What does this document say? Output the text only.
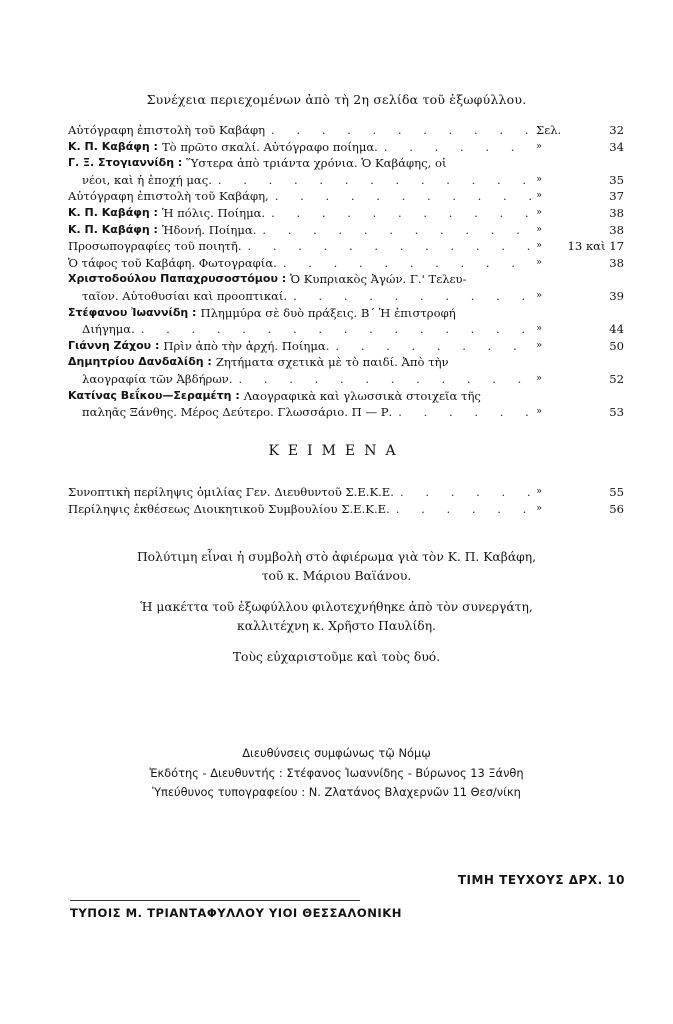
Συνέχεια περιεχομένων ἀπὸ τὴ 2η σελίδα τοῦ ἐξωφύλλου.
Αὐτόγραφη ἐπιστολὴ τοῦ Καβάφη . . .	Σελ.	32
Κ. Π. Καβάφη : Τὸ πρῶτο σκαλί. Αὐτόγραφο ποίημα. . . .	»	34
Γ. Ξ. Στογιαννίδη : Ὕστερα ἀπὸ τριάντα χρόνια. Ὁ Καβάφης, οἱ
νέοι, καὶ ἡ ἐποχή μας. . . .	»	35
Αὐτόγραφη ἐπιστολὴ τοῦ Καβάφη, . . .	»	37
Κ. Π. Καβάφη : Ἡ πόλις. Ποίημα. . . .	»	38
Κ. Π. Καβάφη : Ἡδονή. Ποίημα. . . .	»	38
Προσωπογραφίες τοῦ ποιητῆ. . . .	»	13 καὶ 17
Ὁ τάφος τοῦ Καβάφη. Φωτογραφία. . . .	»	38
Χριστοδούλου Παπαχρυσοστόμου : Ὁ Κυπριακὸς Ἀγών. Γ.' Τελευ-
ταῖον. Αὐτοθυσίαι καὶ προοπτικαί. . . .	»	39
Στέφανου Ἰωαννίδη : Πλημμύρα σὲ δυὸ πράξεις. Β΄ Ἡ ἐπιστροφή
Διήγημα. . . .	»	44
Γιάννη Ζάχου : Πρὶν ἀπὸ τὴν ἀρχή. Ποίημα. . . .	»	50
Δημητρίου Δανδαλίδη : Ζητήματα σχετικὰ μὲ τὸ παιδί. Ἀπὸ τὴν
λαογραφία τῶν Ἀβδήρων. . . .	»	52
Κατίνας Βεΐκου—Σεραμέτη : Λαογραφικὰ καὶ γλωσσικὰ στοιχεῖα τῆς
παληᾶς Ξάνθης. Μέρος Δεύτερο. Γλωσσάριο. Π — Ρ. . . .	»	53
ΚΕΙΜΕΝΑ
Συνοπτικὴ περίληψις ὁμιλίας Γεν. Διευθυντοῦ Σ.Ε.Κ.Ε. . . .	»	55
Περίληψις ἐκθέσεως Διοικητικοῦ Συμβουλίου Σ.Ε.Κ.Ε. . . .	»	56
Πολύτιμη εἶναι ἡ συμβολὴ στὸ ἀφιέρωμα γιὰ τὸν Κ. Π. Καβάφη,
τοῦ κ. Μάριου Βαϊάνου.
Ἡ μακέττα τοῦ ἐξωφύλλου φιλοτεχνήθηκε ἀπὸ τὸν συνεργάτη,
καλλιτέχνη κ. Χρῆστο Παυλίδη.
Τοὺς εὐχαριστοῦμε καὶ τοὺς δυό.
Διευθύνσεις συμφώνως τῷ Νόμῳ
Ἐκδότης - Διευθυντής : Στέφανος Ἰωαννίδης - Βύρωνος 13 Ξάνθη
Ὑπεύθυνος τυπογραφείου : Ν. Ζλατάνος Βλαχερνῶν 11 Θεσ/νίκη
ΤΙΜΗ ΤΕΥΧΟΥΣ ΔΡΧ. 10
ΤΥΠΟΙΣ Μ. ΤΡΙΑΝΤΑΦΥΛΛΟΥ ΥΙΟΙ ΘΕΣΣΑΛΟΝΙΚΗ
